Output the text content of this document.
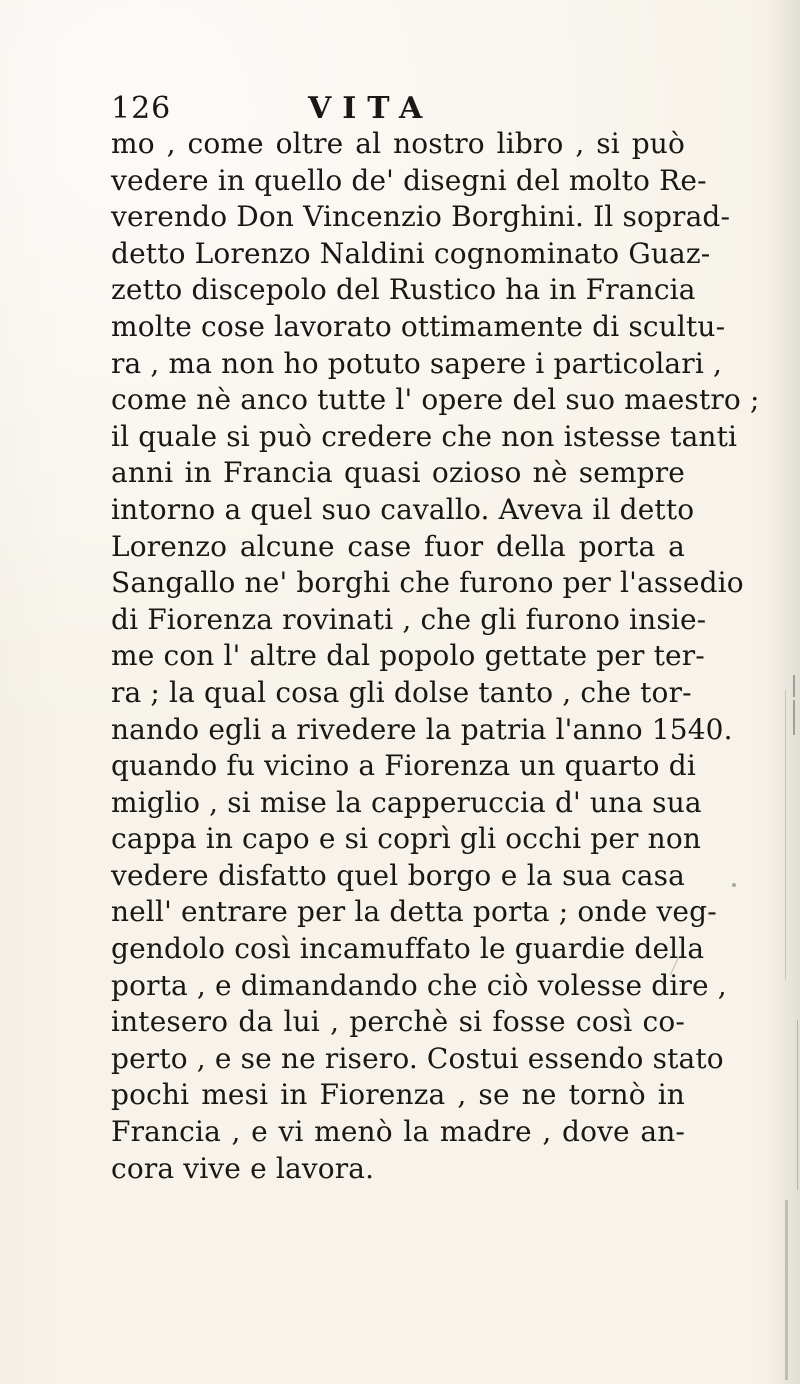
126	VITA
mo , come oltre al nostro libro , si può
vedere in quello de' disegni del molto Re-
verendo Don Vincenzio Borghini. Il soprad-
detto Lorenzo Naldini cognominato Guaz-
zetto discepolo del Rustico ha in Francia
molte cose lavorato ottimamente di scultu-
ra , ma non ho potuto sapere i particolari ,
come nè anco tutte l' opere del suo maestro ;
il quale si può credere che non istesse tanti
anni in Francia quasi ozioso nè sempre
intorno a quel suo cavallo. Aveva il detto
Lorenzo alcune case fuor della porta a
Sangallo ne' borghi che furono per l'assedio
di Fiorenza rovinati , che gli furono insie-
me con l' altre dal popolo gettate per ter-
ra ; la qual cosa gli dolse tanto , che tor-
nando egli a rivedere la patria l'anno 1540.
quando fu vicino a Fiorenza un quarto di
miglio , si mise la capperuccia d' una sua
cappa in capo e si coprì gli occhi per non
vedere disfatto quel borgo e la sua casa
nell' entrare per la detta porta ; onde veg-
gendolo così incamuffato le guardie della
porta , e dimandando che ciò volesse dire ,
intesero da lui , perchè si fosse così co-
perto , e se ne risero. Costui essendo stato
pochi mesi in Fiorenza , se ne tornò in
Francia , e vi menò la madre , dove an-
cora vive e lavora.
